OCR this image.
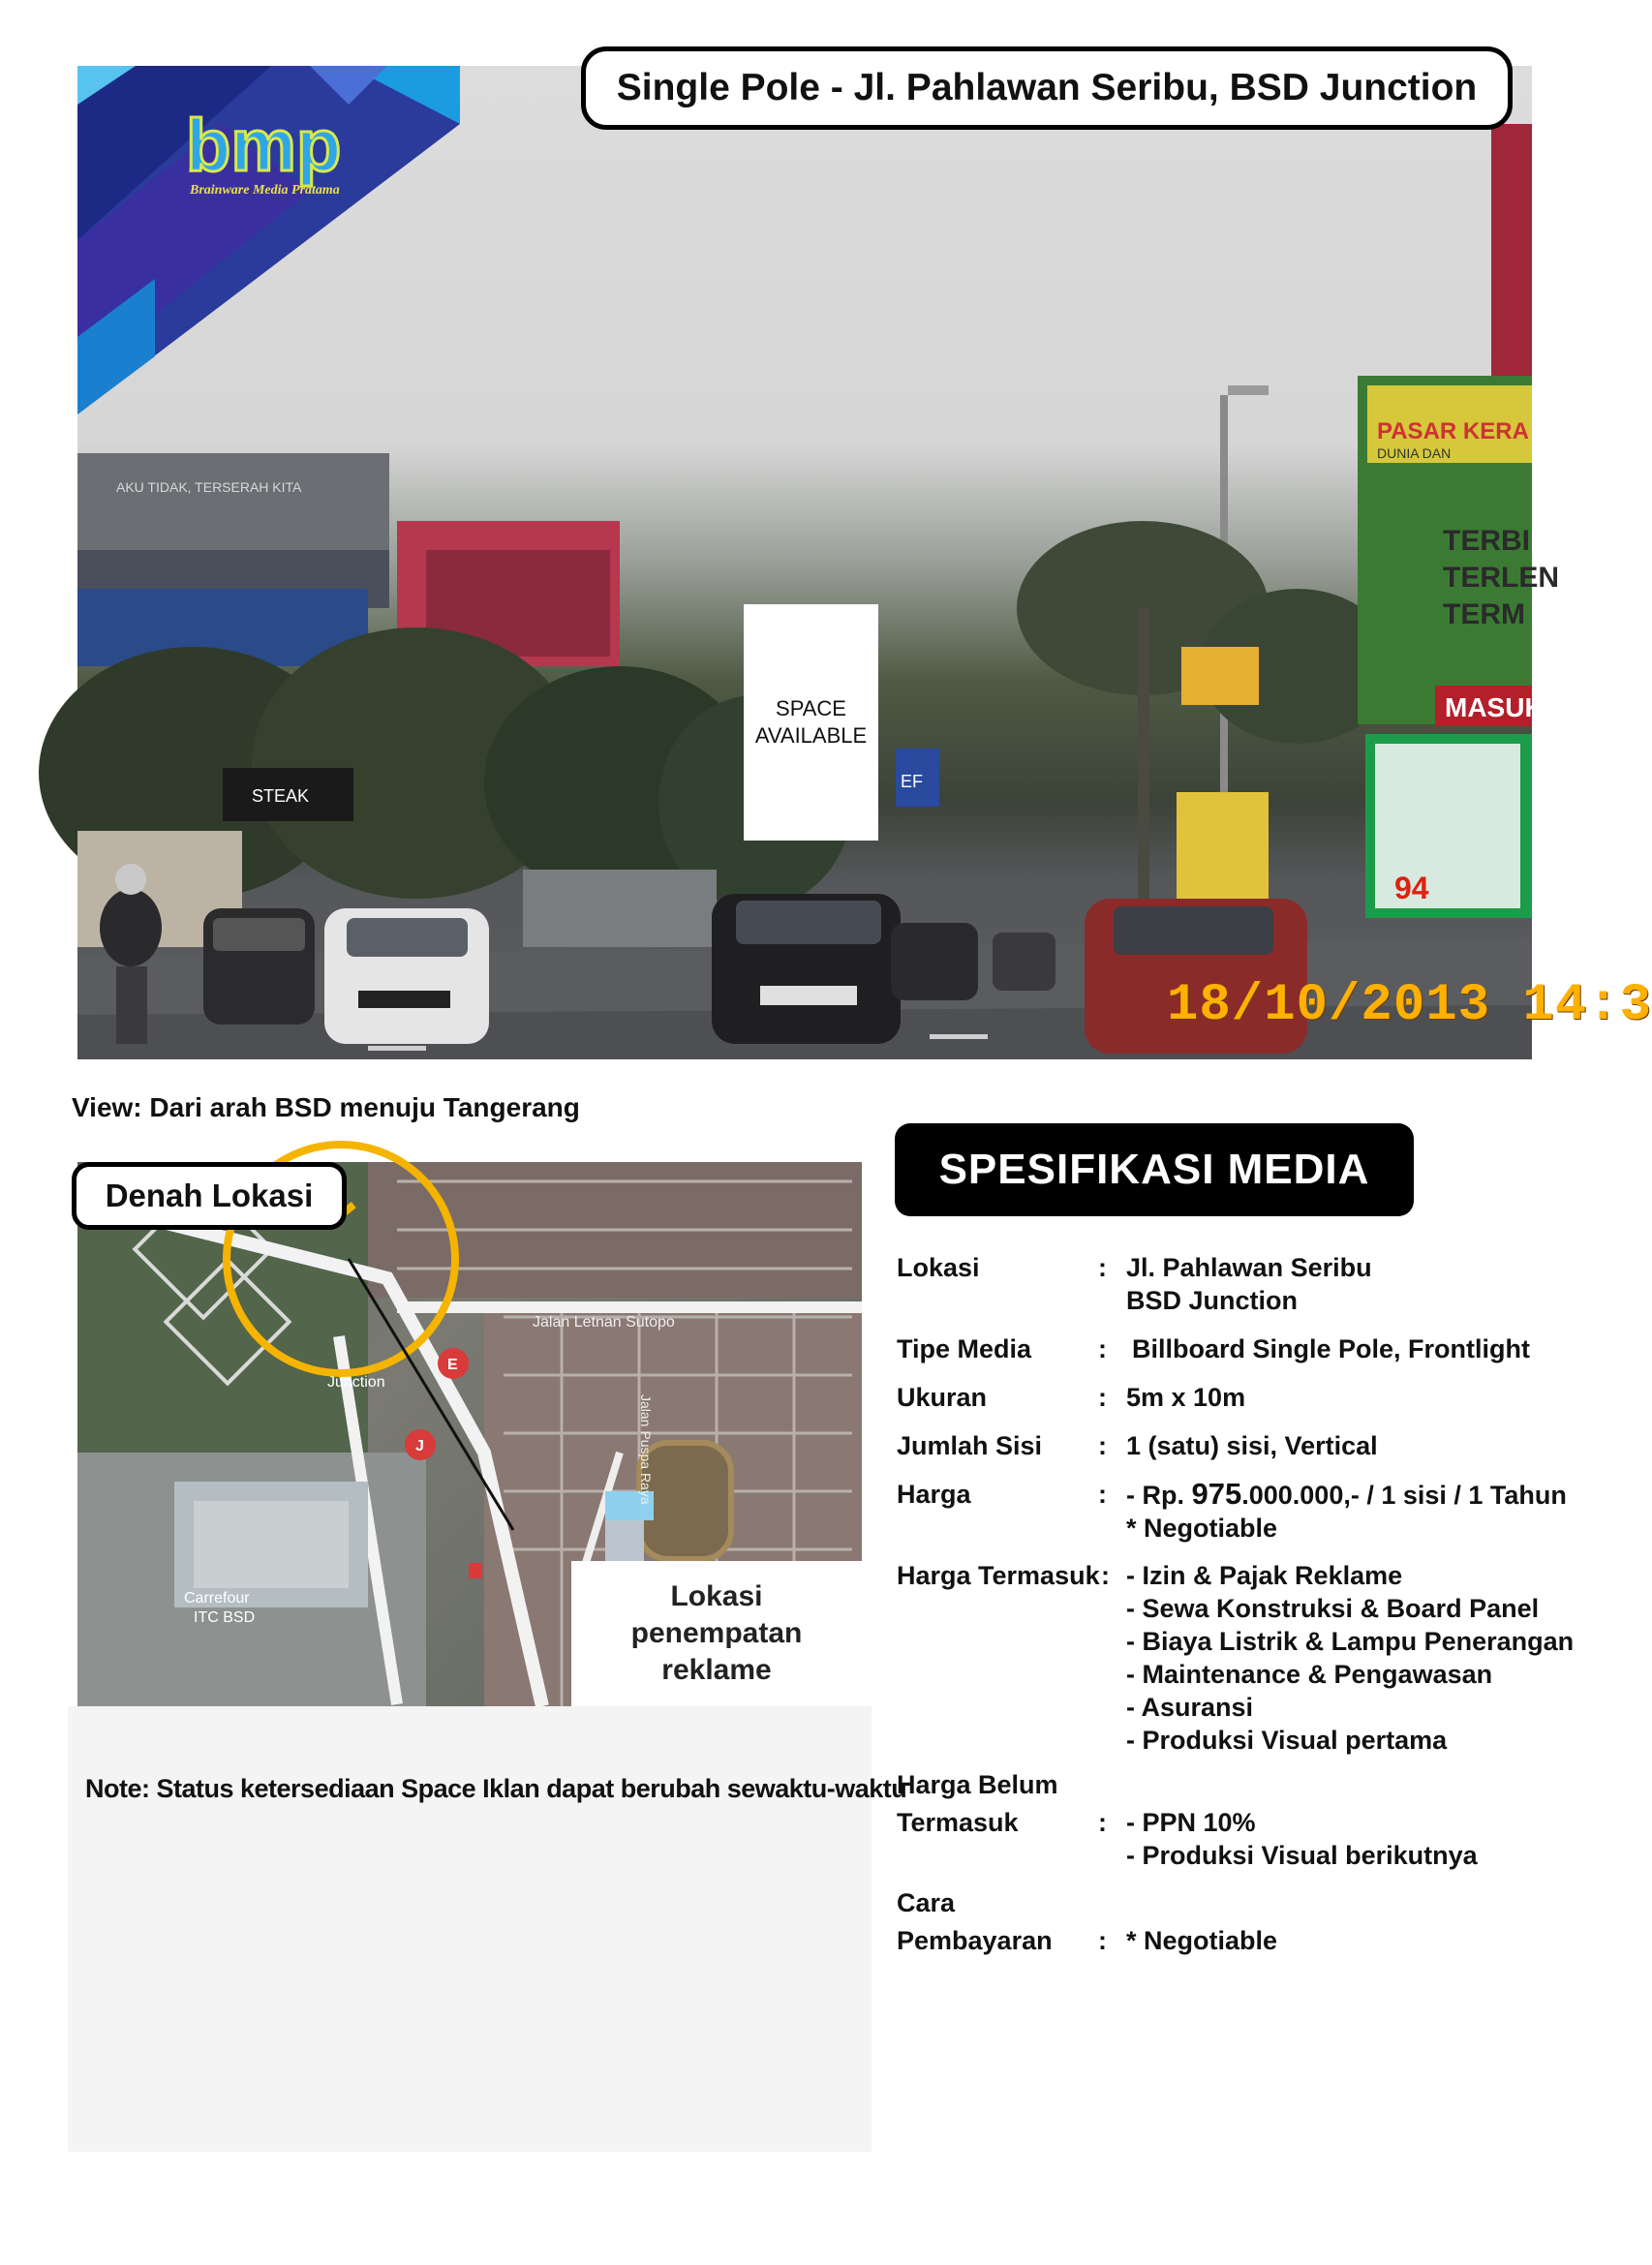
AKU TIDAK, TERSERAH KITA
PASAR KERA
DUNIA DAN
TERBI
TERLEN
TERM
MASUK
94
STEAK
EF
bmp
Brainware Media Pratama
Single Pole - Jl. Pahlawan Seribu, BSD Junction
SPACE
AVAILABLE
18/10/2013 14:3
View: Dari arah BSD menuju Tangerang
Jalan Letnan Sutopo
Carrefour
ITC BSD
Junction
E
J	Jalan Puspa Raya
Denah Lokasi
Lokasi
penempatan
reklame
Note: Status ketersediaan Space Iklan dapat berubah sewaktu-waktu
SPESIFIKASI MEDIA
Lokasi	: Jl. Pahlawan Seribu
BSD Junction
Tipe Media	: Billboard Single Pole, Frontlight
Ukuran	: 5m x 10m
Jumlah Sisi	: 1 (satu) sisi, Vertical
Harga	: - Rp. 975.000.000,- / 1 sisi / 1 Tahun
* Negotiable
Harga Termasuk : - Izin & Pajak Reklame
- Sewa Konstruksi & Board Panel
- Biaya Listrik & Lampu Penerangan
- Maintenance & Pengawasan
- Asuransi
- Produksi Visual pertama
Harga Belum
Termasuk	: - PPN 10%
- Produksi Visual berikutnya
Cara
Pembayaran	: * Negotiable
